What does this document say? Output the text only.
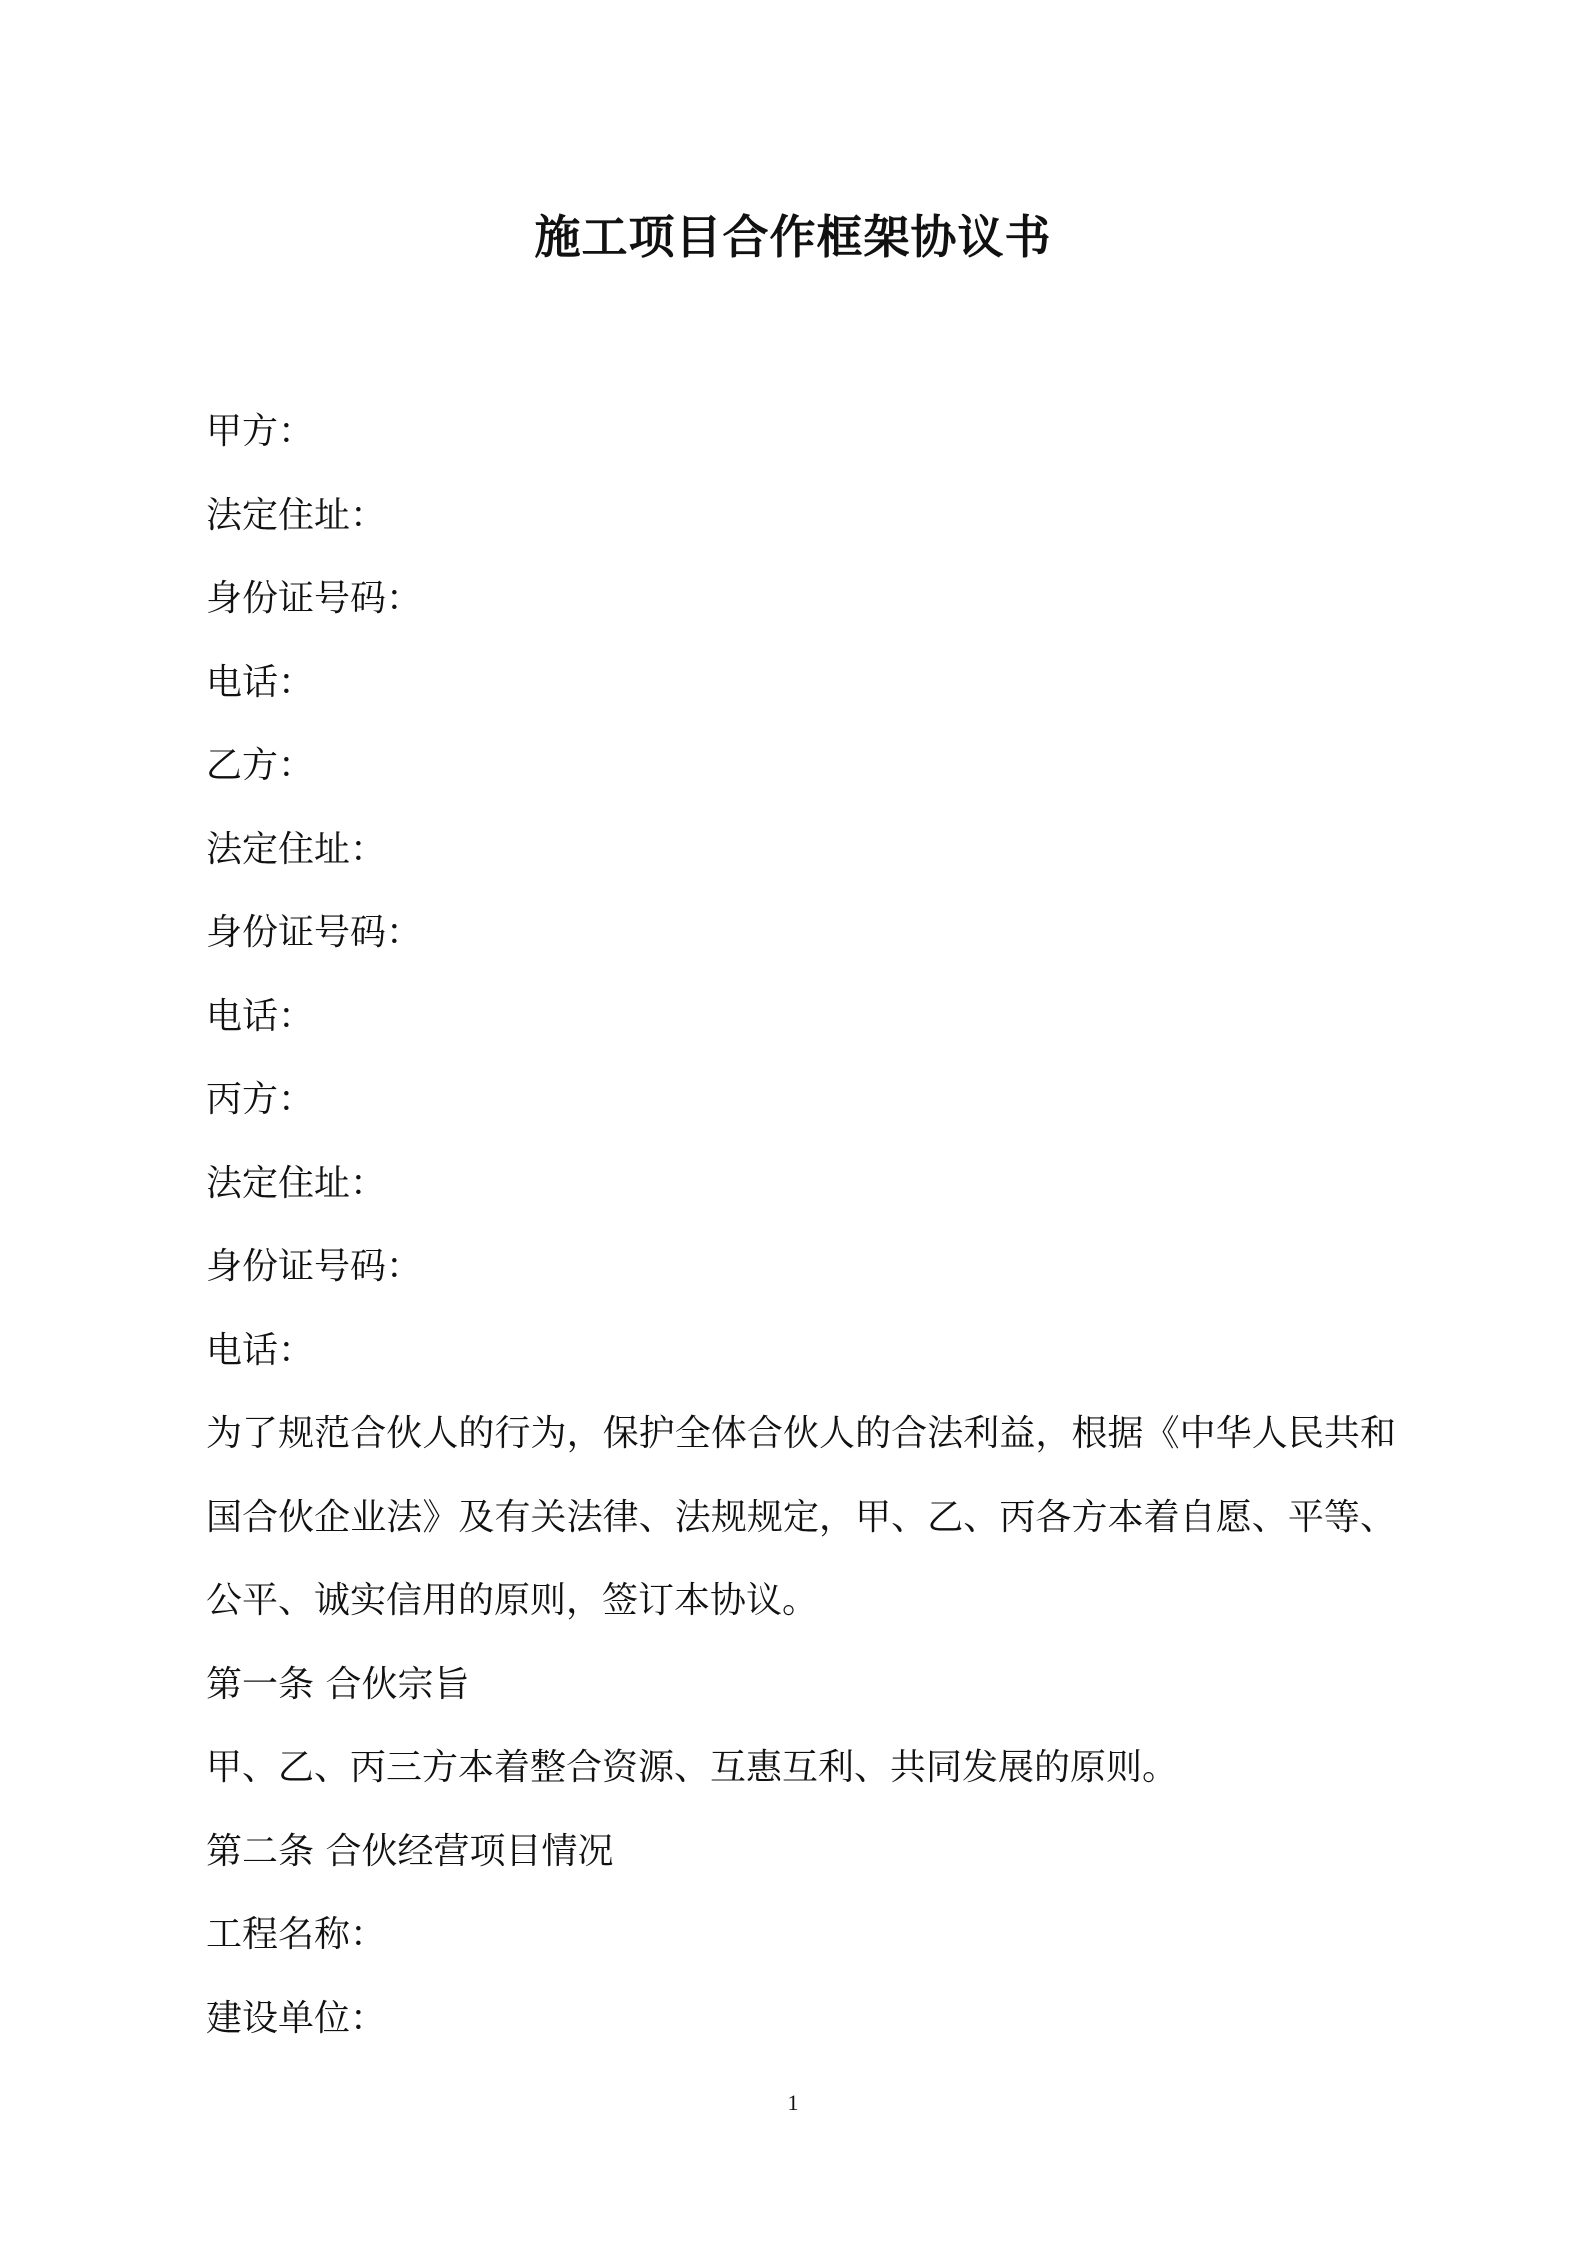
施工项目合作框架协议书
甲方：
法定住址：
身份证号码：
电话：
乙方：
法定住址：
身份证号码：
电话：
丙方：
法定住址：
身份证号码：
电话：
为了规范合伙人的行为，保护全体合伙人的合法利益，根据《中华人民共和国合伙企业法》及有关法律、法规规定，甲、乙、丙各方本着自愿、平等、公平、诚实信用的原则，签订本协议。
第一条 合伙宗旨
甲、乙、丙三方本着整合资源、互惠互利、共同发展的原则。
第二条 合伙经营项目情况
工程名称：
建设单位：
1
